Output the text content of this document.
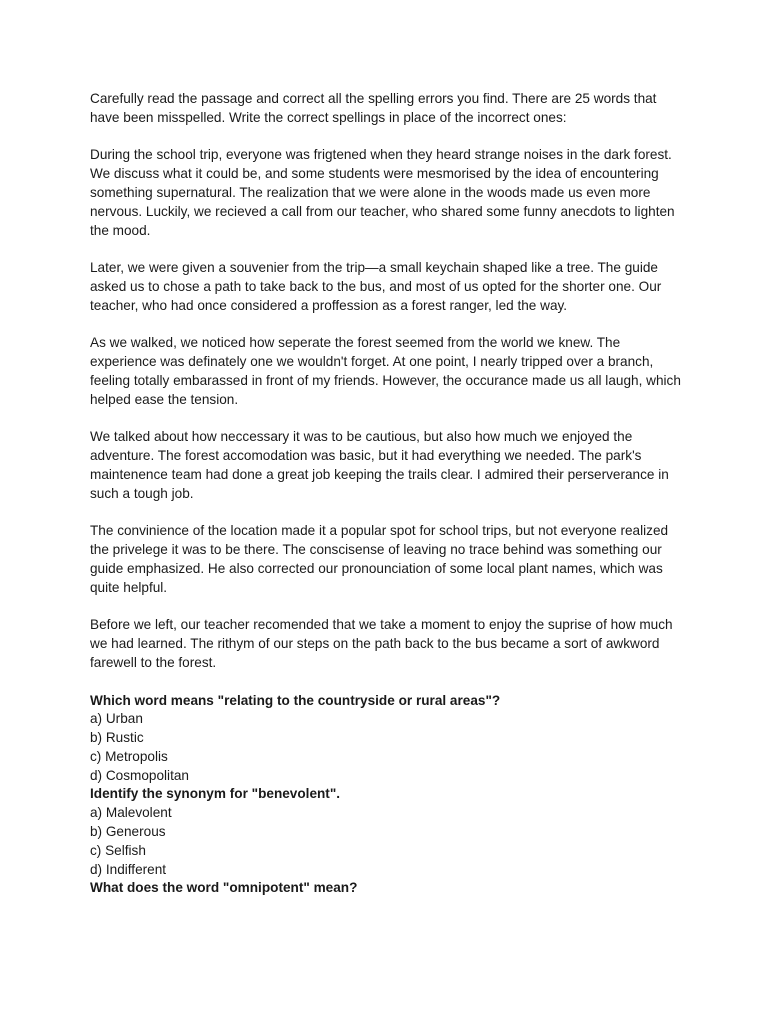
Carefully read the passage and correct all the spelling errors you find. There are 25 words that have been misspelled. Write the correct spellings in place of the incorrect ones:

During the school trip, everyone was frigtened when they heard strange noises in the dark forest. We discuss what it could be, and some students were mesmorised by the idea of encountering something supernatural. The realization that we were alone in the woods made us even more nervous. Luckily, we recieved a call from our teacher, who shared some funny anecdots to lighten the mood.

Later, we were given a souvenier from the trip—a small keychain shaped like a tree. The guide asked us to chose a path to take back to the bus, and most of us opted for the shorter one. Our teacher, who had once considered a proffession as a forest ranger, led the way.

As we walked, we noticed how seperate the forest seemed from the world we knew. The experience was definately one we wouldn't forget. At one point, I nearly tripped over a branch, feeling totally embarassed in front of my friends. However, the occurance made us all laugh, which helped ease the tension.

We talked about how neccessary it was to be cautious, but also how much we enjoyed the adventure. The forest accomodation was basic, but it had everything we needed. The park's maintenence team had done a great job keeping the trails clear. I admired their perserverance in such a tough job.

The convinience of the location made it a popular spot for school trips, but not everyone realized the privelege it was to be there. The conscisense of leaving no trace behind was something our guide emphasized. He also corrected our pronounciation of some local plant names, which was quite helpful.

Before we left, our teacher recomended that we take a moment to enjoy the suprise of how much we had learned. The rithym of our steps on the path back to the bus became a sort of awkword farewell to the forest.

Which word means "relating to the countryside or rural areas"?

a) Urban

b) Rustic

c) Metropolis

d) Cosmopolitan

Identify the synonym for "benevolent".

a) Malevolent

b) Generous

c) Selfish

d) Indifferent

What does the word "omnipotent" mean?
